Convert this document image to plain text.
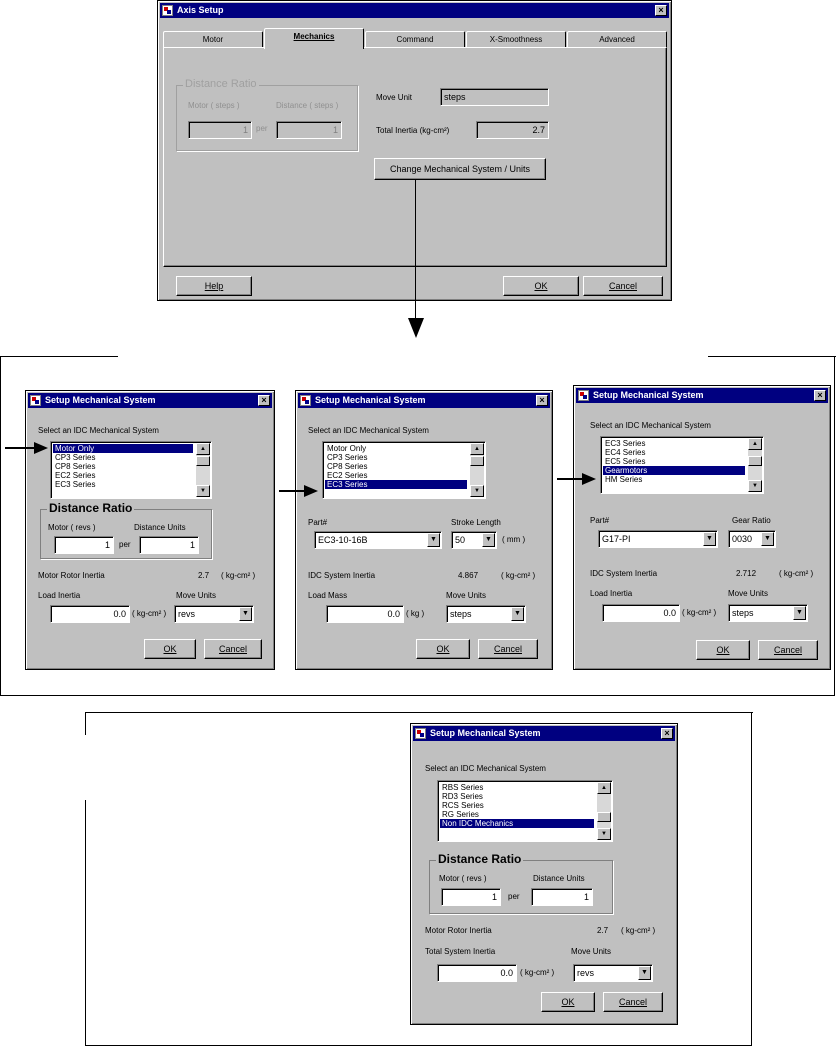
Axis Setup	×
Motor	Mechanics	Command	X-Smoothness	Advanced
Distance Ratio
Motor ( steps )	Distance ( steps )
1	per	1
Move Unit	steps
Total Inertia (kg-cm²)	2.7
Change Mechanical System / Units
Help	OK	Cancel
Setup Mechanical System	×
Select an IDC Mechanical System
Motor Only
CP3 Series
CP8 Series
EC2 Series
EC3 Series
▲
▼
Distance Ratio
Motor ( revs )	Distance Units
1	per	1
Motor Rotor Inertia	2.7 ( kg-cm² )
Load Inertia	Move Units
0.0 ( kg-cm² )	revs	▼
OK	Cancel
Setup Mechanical System	×
Select an IDC Mechanical System
Motor Only
CP3 Series
CP8 Series
EC2 Series
EC3 Series
▲
▼
Part#	Stroke Length
EC3-10-16B	▼	50	▼	( mm )
IDC System Inertia	4.867	( kg-cm² )
Load Mass	Move Units
0.0 ( kg )	steps	▼
OK	Cancel
Setup Mechanical System	×
Select an IDC Mechanical System
EC3 Series
EC4 Series
EC5 Series
Gearmotors
HM Series
▲
▼
Part#	Gear Ratio
G17-PI	▼	0030	▼
IDC System Inertia	2.712	( kg-cm² )
Load Inertia	Move Units
0.0 ( kg-cm² )	steps	▼
OK	Cancel
Setup Mechanical System	×
Select an IDC Mechanical System
RBS Series
RD3 Series
RCS Series
RG Series
Non IDC Mechanics
▲
▼
Distance Ratio
Motor ( revs )	Distance Units
1	per	1
Motor Rotor Inertia	2.7 ( kg-cm² )
Total System Inertia	Move Units
0.0 ( kg-cm² )	revs	▼
OK	Cancel
